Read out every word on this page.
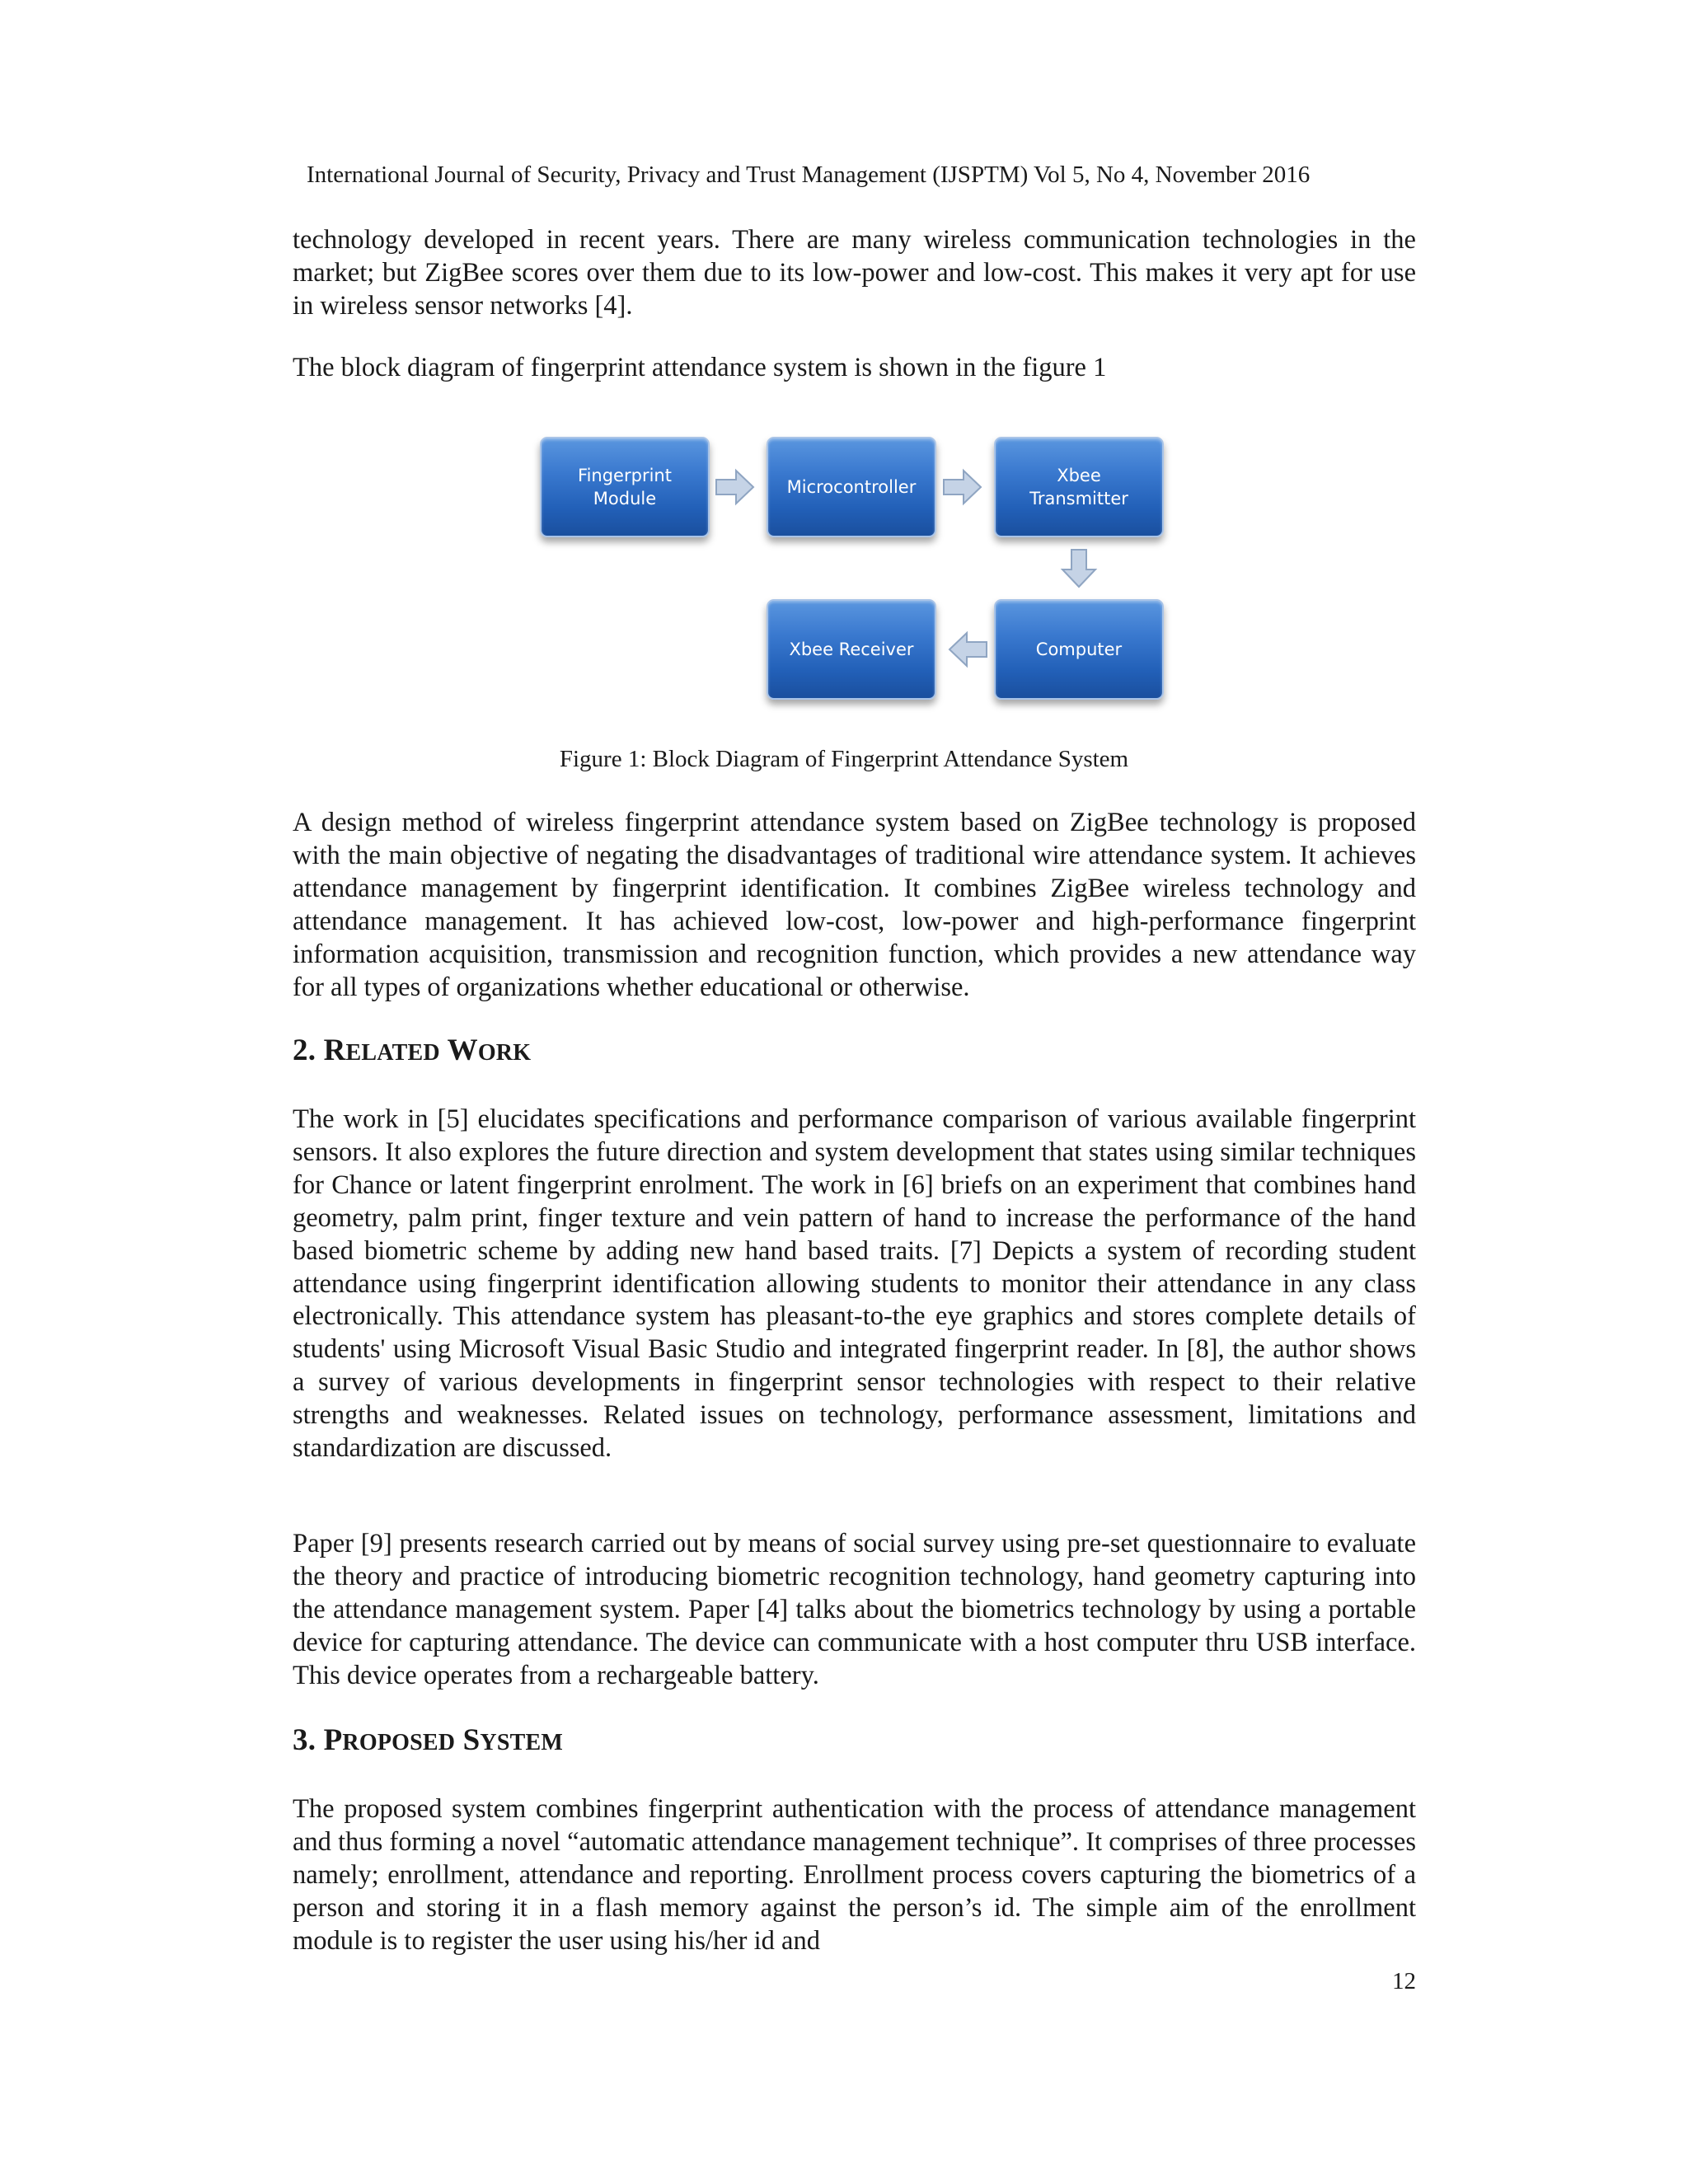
International Journal of Security, Privacy and Trust Management (IJSPTM) Vol 5, No 4, November 2016

technology developed in recent years. There are many wireless communication technologies in the market; but ZigBee scores over them due to its low-power and low-cost. This makes it very apt for use in wireless sensor networks [4].

The block diagram of fingerprint attendance system is shown in the figure 1

Fingerprint
Module
Microcontroller
Xbee
Transmitter
Computer
Xbee Receiver

Figure 1: Block Diagram of Fingerprint Attendance System

A design method of wireless fingerprint attendance system based on ZigBee technology is proposed with the main objective of negating the disadvantages of traditional wire attendance system. It achieves attendance management by fingerprint identification. It combines ZigBee wireless technology and attendance management. It has achieved low-cost, low-power and high-performance fingerprint information acquisition, transmission and recognition function, which provides a new attendance way for all types of organizations whether educational or otherwise.

2. RELATED WORK

The work in [5] elucidates specifications and performance comparison of various available fingerprint sensors. It also explores the future direction and system development that states using similar techniques for Chance or latent fingerprint enrolment. The work in [6] briefs on an experiment that combines hand geometry, palm print, finger texture and vein pattern of hand to increase the performance of the hand based biometric scheme by adding new hand based traits. [7] Depicts a system of recording student attendance using fingerprint identification allowing students to monitor their attendance in any class electronically. This attendance system has pleasant-to-the eye graphics and stores complete details of students' using Microsoft Visual Basic Studio and integrated fingerprint reader. In [8], the author shows a survey of various developments in fingerprint sensor technologies with respect to their relative strengths and weaknesses. Related issues on technology, performance assessment, limitations and standardization are discussed.

Paper [9] presents research carried out by means of social survey using pre-set questionnaire to evaluate the theory and practice of introducing biometric recognition technology, hand geometry capturing into the attendance management system. Paper [4] talks about the biometrics technology by using a portable device for capturing attendance. The device can communicate with a host computer thru USB interface. This device operates from a rechargeable battery.

3. PROPOSED SYSTEM

The proposed system combines fingerprint authentication with the process of attendance management and thus forming a novel “automatic attendance management technique”. It comprises of three processes namely; enrollment, attendance and reporting. Enrollment process covers capturing the biometrics of a person and storing it in a flash memory against the person’s id. The simple aim of the enrollment module is to register the user using his/her id and

12
